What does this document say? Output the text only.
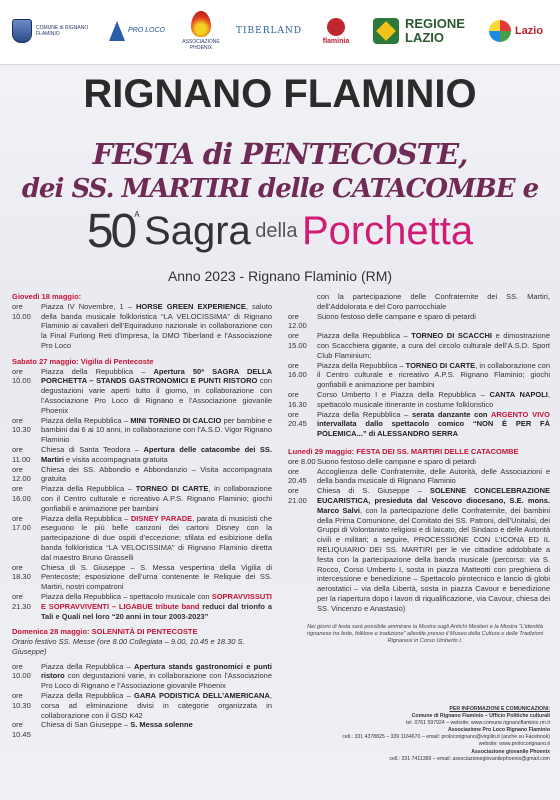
COMUNE di RIGNANO FLAMINIO	PRO LOCO
ASSOCIAZIONE PHOENIX
TIBERLAND
flaminia
REGIONE LAZIO	Lazio
RIGNANO FLAMINIO
FESTA di PENTECOSTE,
dei SS. MARTIRI delle CATACOMBE e
$50^A$ Sagra della Porchetta
Anno 2023 - Rignano Flaminio (RM)
Giovedì 18 maggio:
ore 10.00
Piazza IV Novembre, 1 – HORSE GREEN EXPERIENCE, saluto della banda musicale folkloristica “LA VELOCISSIMA” di Rignano Flaminio ai cavalieri dell’Equiraduno nazionale in collaborazione con la Final Furlong Reti d’impresa, la DMO Tiberland e l’Associazione Pro Loco
Sabato 27 maggio: Vigilia di Pentecoste
ore 10.00
Piazza della Repubblica – Apertura 50ª SAGRA DELLA PORCHETTA – STANDS GASTRONOMICI E PUNTI RISTORO con degustazioni varie aperti tutto il giorno, in collaborazione con l’Associazione Pro Loco di Rignano e l’Associazione giovanile Phoenix
ore 10.30
Piazza della Repubblica – MINI TORNEO DI CALCIO per bambine e bambini dai 6 ai 10 anni, in collaborazione con l’A.S.D. Vigor Rignano Flaminio
ore 11.00
Chiesa di Santa Teodora – Apertura delle catacombe dei SS. Martiri e visita accompagnata gratuita
ore 12.00
Chiesa dei SS. Abbondio e Abbondanzio – Visita accompagnata gratuita
ore 16.00
Piazza della Repubblica – TORNEO DI CARTE, in collaborazione con il Centro culturale e ricreativo A.P.S. Rignano Flaminio; giochi gonfiabili e animazione per bambini
ore 17.00
Piazza della Repubblica – DISNEY PARADE, parata di musicisti che eseguono le più belle canzoni dei cartoni Disney con la partecipazione di due ospiti d’eccezione; sfilata ed esibizione della banda folkloristica “LA VELOCISSIMA” di Rignano Flaminio diretta dal maestro Bruno Grasselli
ore 18.30
Chiesa di S. Giuseppe – S. Messa vespertina della Vigilia di Pentecoste; esposizione dell’urna contenente le Reliquie dei SS. Martiri, nostri compatroni
ore 21.30
Piazza della Repubblica – spettacolo musicale con SOPRAVVISSUTI E SOPRAVVIVENTI – LIGABUE tribute band reduci dal trionfo a Tali e Quali nel loro “20 anni in tour 2003-2023”
Domenica 28 maggio: SOLENNITÀ DI PENTECOSTE
Orario festivo SS. Messe (ore 8.00 Collegiata – 9.00, 10.45 e 18.30 S. Giuseppe)
ore 10.00
Piazza della Repubblica – Apertura stands gastronomici e punti ristoro con degustazioni varie, in collaborazione con l’Associazione Pro Loco di Rignano e l’Associazione giovanile Phoenix
ore 10.30
Piazza della Repubblica – GARA PODISTICA DELL’AMERICANA, corsa ad eliminazione divisi in categorie organizzata in collaborazione con il GSD K42
ore 10.45
Chiesa di San Giuseppe – S. Messa solenne
con la partecipazione delle Confraternite dei SS. Martiri, dell’Addolorata e del Coro parrocchiale
ore 12.00
Suono festoso delle campane e sparo di petardi
ore 15.00
Piazza della Repubblica – TORNEO DI SCACCHI e dimostrazione con Scacchiera gigante, a cura del circolo culturale dell’A.S.D. Sport Club Flaminium;
ore 16.00
Piazza della Repubblica – TORNEO DI CARTE, in collaborazione con il Centro culturale e ricreativo A.P.S. Rignano Flaminio; giochi gonfiabili e animazione per bambini
ore 16.30
Corso Umberto I e Piazza della Repubblica – CANTA NAPOLI, spettacolo musicale itinerante in costume folkloristico
ore 20.45
Piazza della Repubblica – serata danzante con ARGENTO VIVO intervallata dallo spettacolo comico “NON È PER FÀ POLEMICA...” di ALESSANDRO SERRA
Lunedì 29 maggio: FESTA DEI SS. MARTIRI DELLE CATACOMBE
ore 8.00 Suono festoso delle campane e sparo di petardi
ore 20.45
Accoglienza delle Confraternite, delle Autorità, delle Associazioni e della banda musicale di Rignano Flaminio
ore 21.00
Chiesa di S. Giuseppe – SOLENNE CONCELEBRAZIONE EUCARISTICA, presieduta dal Vescovo diocesano, S.E. mons. Marco Salvi, con la partecipazione delle Confraternite, dei bambini della Prima Comunione, del Comitato dei SS. Patroni, dell’Unitalsi, dei Gruppi di Volontariato religiosi e di laicato, del Sindaco e delle Autorità civili e militari; a seguire, PROCESSIONE CON L’ICONA ED IL RELIQUIARIO DEI SS. MARTIRI per le vie cittadine addobbate a festa con la partecipazione della banda musicale (percorso: via S. Rocco, Corso Umberto I, sosta in piazza Matteotti con preghiera di intercessione e benedizione – Spettacolo pirotecnico e lancio di globi aerostatici – via della Libertà, sosta in piazza Cavour e benedizione per la riapertura dopo i lavori di riqualificazione, via Cavour, chiesa dei SS. Vincenzo e Anastasio)
Nei giorni di festa sarà possibile ammirare la Mostra sugli Antichi Mestieri e la Mostra “L’identità rignanese tra fede, folklore e tradizione” allestite presso il Museo della Cultura e delle Tradizioni Rignanesi in Corso Umberto I.
PER INFORMAZIONI E COMUNICAZIONI:
Comune di Rignano Flaminio – Ufficio Politiche culturali
tel. 0761 597924 – website: www.comune.rignanoflaminio.rm.it
Associazione Pro Loco Rignano Flaminio
cell.: 331 4378825 – 339 1164670 – email: prolocorignano@virgilio.it (anche su Facebook)
website: www.prolocorignano.it
Associazione giovanile Phoenix
cell.: 331 7411389 – email: associazionegiovanilephoenix@gmail.com
